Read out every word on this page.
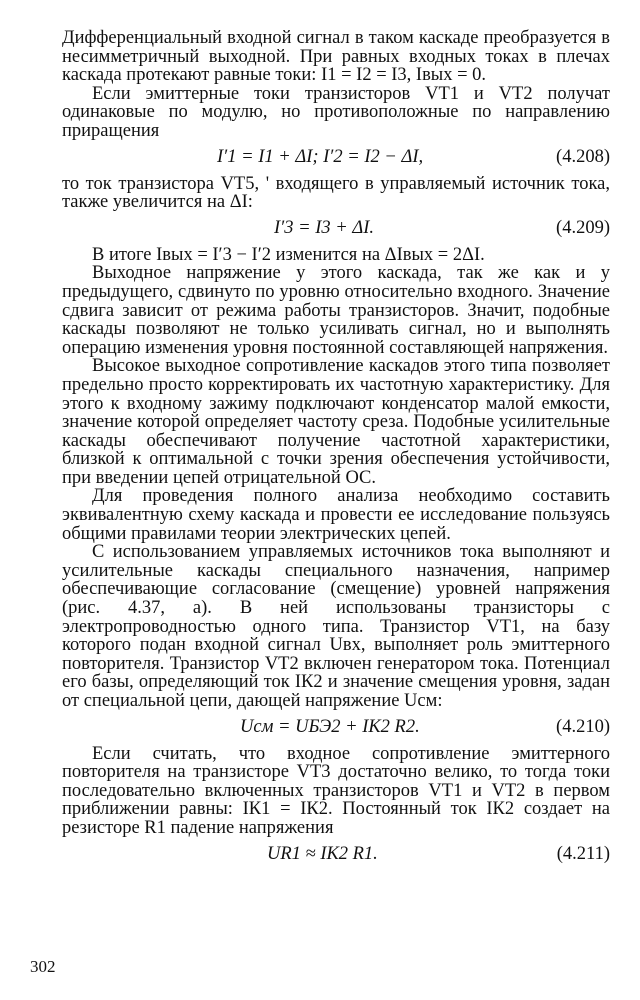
Дифференциальный входной сигнал в таком каскаде преобразуется в несимметричный выходной. При равных входных токах в плечах каскада протекают равные токи: I1 = I2 = I3, Iвых = 0.

Если эмиттерные токи транзисторов VT1 и VT2 получат одинаковые по модулю, но противоположные по направлению приращения

I′1 = I1 + ΔI; I′2 = I2 − ΔI,	(4.208)

то ток транзистора VT5, ' входящего в управляемый источник тока, также увеличится на ΔI:

I′3 = I3 + ΔI.	(4.209)

В итоге Iвых = I′3 − I′2 изменится на ΔIвых = 2ΔI.

Выходное напряжение у этого каскада, так же как и у предыдущего, сдвинуто по уровню относительно входного. Значение сдвига зависит от режима работы транзисторов. Значит, подобные каскады позволяют не только усиливать сигнал, но и выполнять операцию изменения уровня постоянной составляющей напряжения.

Высокое выходное сопротивление каскадов этого типа позволяет предельно просто корректировать их частотную характеристику. Для этого к входному зажиму подключают конденсатор малой емкости, значение которой определяет частоту среза. Подобные усилительные каскады обеспечивают получение частотной характеристики, близкой к оптимальной с точки зрения обеспечения устойчивости, при введении цепей отрицательной ОС.

Для проведения полного анализа необходимо составить эквивалентную схему каскада и провести ее исследование пользуясь общими правилами теории электрических цепей.

С использованием управляемых источников тока выполняют и усилительные каскады специального назначения, например обеспечивающие согласование (смещение) уровней напряжения (рис. 4.37, а). В ней использованы транзисторы с электропроводностью одного типа. Транзистор VT1, на базу которого подан входной сигнал Uвх, выполняет роль эмиттерного повторителя. Транзистор VT2 включен генератором тока. Потенциал его базы, определяющий ток IК2 и значение смещения уровня, задан от специальной цепи, дающей напряжение Uсм:

Uсм = UБЭ2 + IК2 R2.	(4.210)

Если считать, что входное сопротивление эмиттерного повторителя на транзисторе VT3 достаточно велико, то тогда токи последовательно включенных транзисторов VT1 и VT2 в первом приближении равны: IК1 = IК2. Постоянный ток IК2 создает на резисторе R1 падение напряжения

UR1 ≈ IК2 R1.	(4.211)
302
